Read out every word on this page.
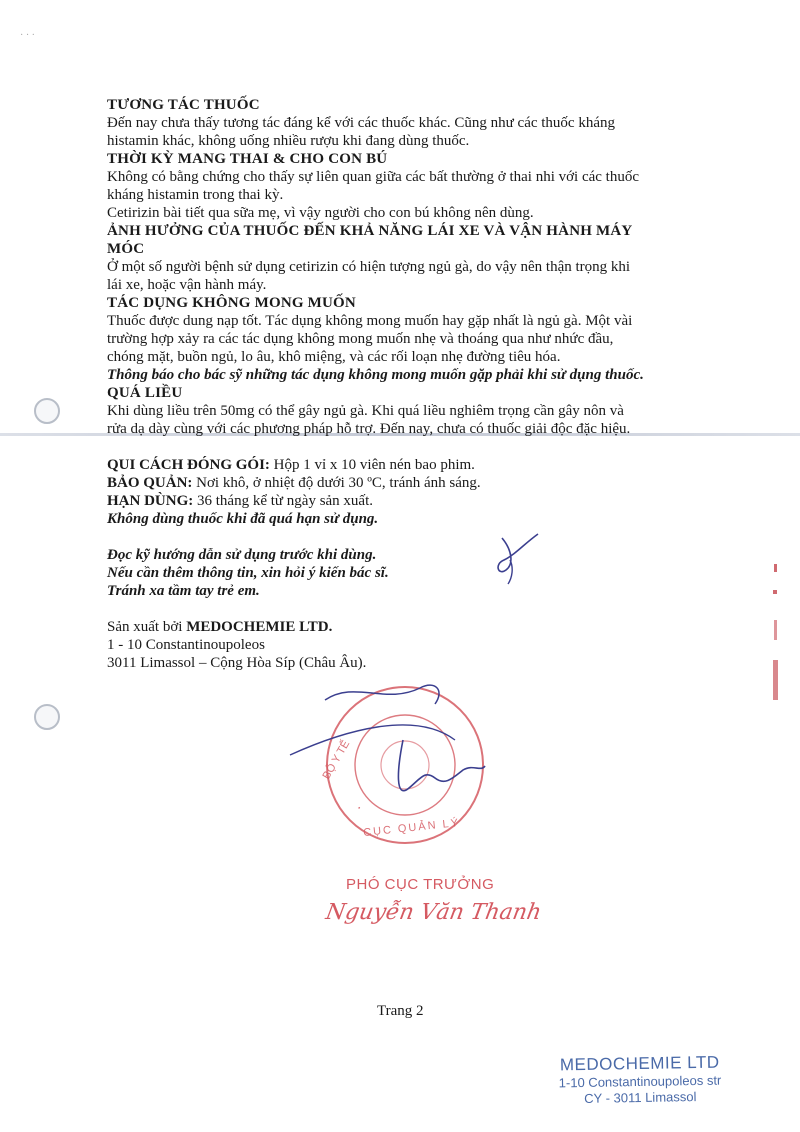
· · ·
TƯƠNG TÁC THUỐC

Đến nay chưa thấy tương tác đáng kể với các thuốc khác. Cũng như các thuốc kháng

histamin khác, không uống nhiều rượu khi đang dùng thuốc.

THỜI KỲ MANG THAI & CHO CON BÚ

Không có bằng chứng cho thấy sự liên quan giữa các bất thường ở thai nhi với các thuốc

kháng histamin trong thai kỳ.

Cetirizin bài tiết qua sữa mẹ, vì vậy người cho con bú không nên dùng.

ẢNH HƯỞNG CỦA THUỐC ĐẾN KHẢ NĂNG LÁI XE VÀ VẬN HÀNH MÁY
MÓC

Ở một số người bệnh sử dụng cetirizin có hiện tượng ngủ gà, do vậy nên thận trọng khi

lái xe, hoặc vận hành máy.

TÁC DỤNG KHÔNG MONG MUỐN

Thuốc được dung nạp tốt. Tác dụng không mong muốn hay gặp nhất là ngủ gà. Một vài

trường hợp xảy ra các tác dụng không mong muốn nhẹ và thoáng qua như nhức đầu,

chóng mặt, buồn ngủ, lo âu, khô miệng, và các rối loạn nhẹ đường tiêu hóa.

Thông báo cho bác sỹ những tác dụng không mong muốn gặp phải khi sử dụng thuốc.

QUÁ LIỀU

Khi dùng liều trên 50mg có thể gây ngủ gà. Khi quá liều nghiêm trọng cần gây nôn và

rửa dạ dày cùng với các phương pháp hỗ trợ. Đến nay, chưa có thuốc giải độc đặc hiệu.

QUI CÁCH ĐÓNG GÓI: Hộp 1 vỉ x 10 viên nén bao phim.

BẢO QUẢN: Nơi khô, ở nhiệt độ dưới 30 ºC, tránh ánh sáng.

HẠN DÙNG: 36 tháng kể từ ngày sản xuất.

Không dùng thuốc khi đã quá hạn sử dụng.

Đọc kỹ hướng dẫn sử dụng trước khi dùng.

Nếu cần thêm thông tin, xin hỏi ý kiến bác sĩ.

Tránh xa tầm tay trẻ em.

Sản xuất bởi MEDOCHEMIE LTD.

1 - 10 Constantinoupoleos

3011 Limassol – Cộng Hòa Síp (Châu Âu).

·
BỘ Y TẾ
CỤC QUẢN LÝ
PHÓ CỤC TRƯỞNG
Nguyễn Văn Thanh
Trang 2
MEDOCHEMIE LTD
1-10 Constantinoupoleos str
CY - 3011 Limassol
